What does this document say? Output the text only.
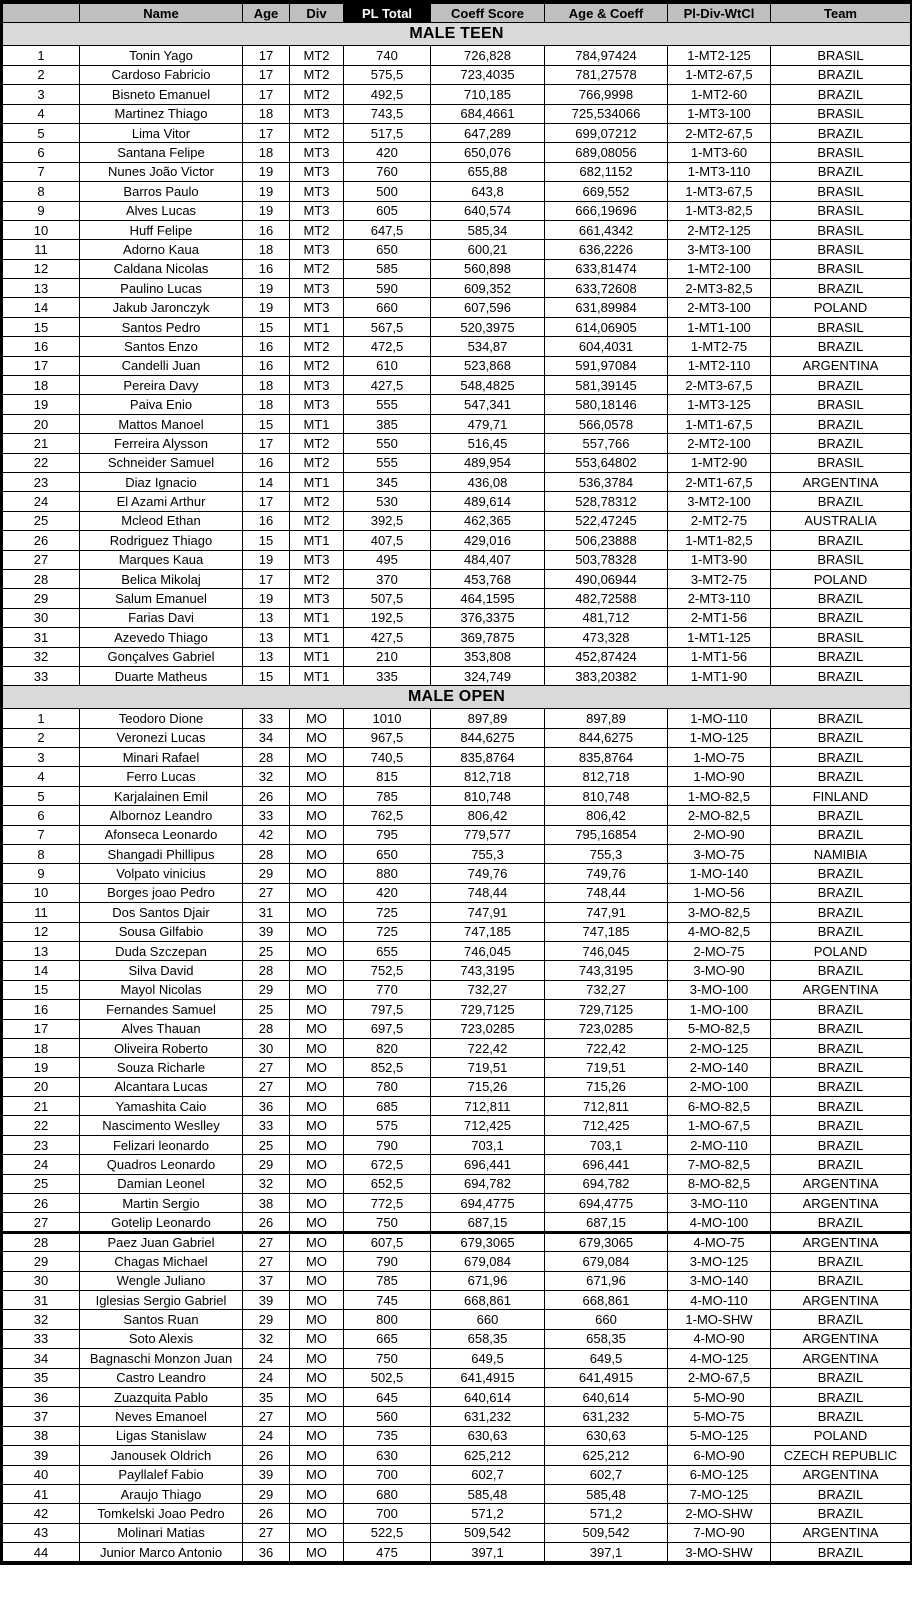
	Name	Age	Div	PL Total	Coeff Score	Age & Coeff	Pl-Div-WtCl	Team
MALE TEEN								
1	Tonin Yago	17	MT2	740	726,828	784,97424	1-MT2-125	BRASIL
2	Cardoso Fabricio	17	MT2	575,5	723,4035	781,27578	1-MT2-67,5	BRAZIL
3	Bisneto Emanuel	17	MT2	492,5	710,185	766,9998	1-MT2-60	BRAZIL
4	Martinez Thiago	18	MT3	743,5	684,4661	725,534066	1-MT3-100	BRASIL
5	Lima Vitor	17	MT2	517,5	647,289	699,07212	2-MT2-67,5	BRAZIL
6	Santana Felipe	18	MT3	420	650,076	689,08056	1-MT3-60	BRASIL
7	Nunes João Victor	19	MT3	760	655,88	682,1152	1-MT3-110	BRAZIL
8	Barros Paulo	19	MT3	500	643,8	669,552	1-MT3-67,5	BRASIL
9	Alves Lucas	19	MT3	605	640,574	666,19696	1-MT3-82,5	BRASIL
10	Huff Felipe	16	MT2	647,5	585,34	661,4342	2-MT2-125	BRASIL
11	Adorno Kaua	18	MT3	650	600,21	636,2226	3-MT3-100	BRASIL
12	Caldana Nicolas	16	MT2	585	560,898	633,81474	1-MT2-100	BRASIL
13	Paulino Lucas	19	MT3	590	609,352	633,72608	2-MT3-82,5	BRAZIL
14	Jakub Jaronczyk	19	MT3	660	607,596	631,89984	2-MT3-100	POLAND
15	Santos Pedro	15	MT1	567,5	520,3975	614,06905	1-MT1-100	BRASIL
16	Santos Enzo	16	MT2	472,5	534,87	604,4031	1-MT2-75	BRAZIL
17	Candelli Juan	16	MT2	610	523,868	591,97084	1-MT2-110	ARGENTINA
18	Pereira Davy	18	MT3	427,5	548,4825	581,39145	2-MT3-67,5	BRAZIL
19	Paiva Enio	18	MT3	555	547,341	580,18146	1-MT3-125	BRASIL
20	Mattos Manoel	15	MT1	385	479,71	566,0578	1-MT1-67,5	BRAZIL
21	Ferreira Alysson	17	MT2	550	516,45	557,766	2-MT2-100	BRAZIL
22	Schneider Samuel	16	MT2	555	489,954	553,64802	1-MT2-90	BRASIL
23	Diaz Ignacio	14	MT1	345	436,08	536,3784	2-MT1-67,5	ARGENTINA
24	El Azami Arthur	17	MT2	530	489,614	528,78312	3-MT2-100	BRAZIL
25	Mcleod Ethan	16	MT2	392,5	462,365	522,47245	2-MT2-75	AUSTRALIA
26	Rodriguez Thiago	15	MT1	407,5	429,016	506,23888	1-MT1-82,5	BRAZIL
27	Marques Kaua	19	MT3	495	484,407	503,78328	1-MT3-90	BRASIL
28	Belica Mikolaj	17	MT2	370	453,768	490,06944	3-MT2-75	POLAND
29	Salum Emanuel	19	MT3	507,5	464,1595	482,72588	2-MT3-110	BRAZIL
30	Farias Davi	13	MT1	192,5	376,3375	481,712	2-MT1-56	BRAZIL
31	Azevedo Thiago	13	MT1	427,5	369,7875	473,328	1-MT1-125	BRASIL
32	Gonçalves Gabriel	13	MT1	210	353,808	452,87424	1-MT1-56	BRAZIL
33	Duarte Matheus	15	MT1	335	324,749	383,20382	1-MT1-90	BRAZIL
MALE OPEN								
1	Teodoro Dione	33	MO	1010	897,89	897,89	1-MO-110	BRAZIL
2	Veronezi Lucas	34	MO	967,5	844,6275	844,6275	1-MO-125	BRAZIL
3	Minari Rafael	28	MO	740,5	835,8764	835,8764	1-MO-75	BRAZIL
4	Ferro Lucas	32	MO	815	812,718	812,718	1-MO-90	BRAZIL
5	Karjalainen Emil	26	MO	785	810,748	810,748	1-MO-82,5	FINLAND
6	Albornoz Leandro	33	MO	762,5	806,42	806,42	2-MO-82,5	BRAZIL
7	Afonseca Leonardo	42	MO	795	779,577	795,16854	2-MO-90	BRAZIL
8	Shangadi Phillipus	28	MO	650	755,3	755,3	3-MO-75	NAMIBIA
9	Volpato vinicius	29	MO	880	749,76	749,76	1-MO-140	BRAZIL
10	Borges joao Pedro	27	MO	420	748,44	748,44	1-MO-56	BRAZIL
11	Dos Santos Djair	31	MO	725	747,91	747,91	3-MO-82,5	BRAZIL
12	Sousa Gilfabio	39	MO	725	747,185	747,185	4-MO-82,5	BRAZIL
13	Duda Szczepan	25	MO	655	746,045	746,045	2-MO-75	POLAND
14	Silva David	28	MO	752,5	743,3195	743,3195	3-MO-90	BRAZIL
15	Mayol Nicolas	29	MO	770	732,27	732,27	3-MO-100	ARGENTINA
16	Fernandes Samuel	25	MO	797,5	729,7125	729,7125	1-MO-100	BRAZIL
17	Alves Thauan	28	MO	697,5	723,0285	723,0285	5-MO-82,5	BRAZIL
18	Oliveira Roberto	30	MO	820	722,42	722,42	2-MO-125	BRAZIL
19	Souza Richarle	27	MO	852,5	719,51	719,51	2-MO-140	BRAZIL
20	Alcantara Lucas	27	MO	780	715,26	715,26	2-MO-100	BRAZIL
21	Yamashita Caio	36	MO	685	712,811	712,811	6-MO-82,5	BRAZIL
22	Nascimento Weslley	33	MO	575	712,425	712,425	1-MO-67,5	BRAZIL
23	Felizari leonardo	25	MO	790	703,1	703,1	2-MO-110	BRAZIL
24	Quadros Leonardo	29	MO	672,5	696,441	696,441	7-MO-82,5	BRAZIL
25	Damian Leonel	32	MO	652,5	694,782	694,782	8-MO-82,5	ARGENTINA
26	Martin Sergio	38	MO	772,5	694,4775	694,4775	3-MO-110	ARGENTINA
27	Gotelip Leonardo	26	MO	750	687,15	687,15	4-MO-100	BRAZIL
28	Paez Juan Gabriel	27	MO	607,5	679,3065	679,3065	4-MO-75	ARGENTINA
29	Chagas Michael	27	MO	790	679,084	679,084	3-MO-125	BRAZIL
30	Wengle Juliano	37	MO	785	671,96	671,96	3-MO-140	BRAZIL
31	Iglesias Sergio Gabriel	39	MO	745	668,861	668,861	4-MO-110	ARGENTINA
32	Santos Ruan	29	MO	800	660	660	1-MO-SHW	BRAZIL
33	Soto Alexis	32	MO	665	658,35	658,35	4-MO-90	ARGENTINA
34	Bagnaschi Monzon Juan	24	MO	750	649,5	649,5	4-MO-125	ARGENTINA
35	Castro Leandro	24	MO	502,5	641,4915	641,4915	2-MO-67,5	BRAZIL
36	Zuazquita Pablo	35	MO	645	640,614	640,614	5-MO-90	BRAZIL
37	Neves Emanoel	27	MO	560	631,232	631,232	5-MO-75	BRAZIL
38	Ligas Stanislaw	24	MO	735	630,63	630,63	5-MO-125	POLAND
39	Janousek Oldrich	26	MO	630	625,212	625,212	6-MO-90	CZECH REPUBLIC
40	Payllalef Fabio	39	MO	700	602,7	602,7	6-MO-125	ARGENTINA
41	Araujo Thiago	29	MO	680	585,48	585,48	7-MO-125	BRAZIL
42	Tomkelski Joao Pedro	26	MO	700	571,2	571,2	2-MO-SHW	BRAZIL
43	Molinari Matias	27	MO	522,5	509,542	509,542	7-MO-90	ARGENTINA
44	Junior Marco Antonio	36	MO	475	397,1	397,1	3-MO-SHW	BRAZIL
